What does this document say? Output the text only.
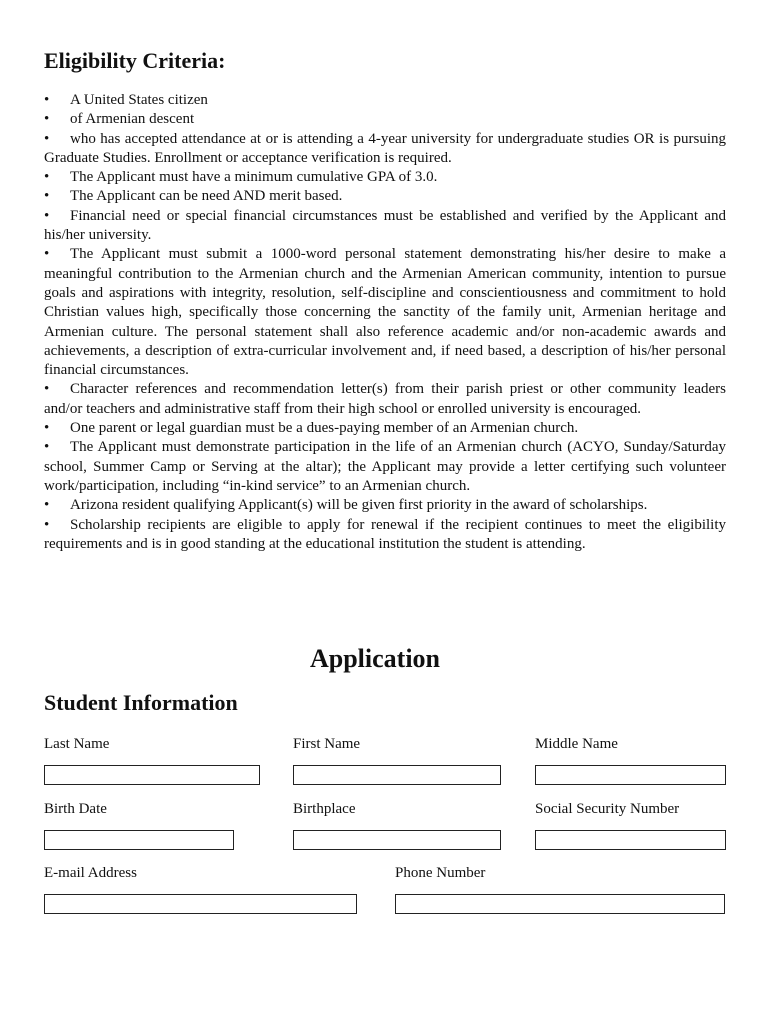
Eligibility Criteria:
• A United States citizen
• of Armenian descent
• who has accepted attendance at or is attending a 4-year university for undergraduate studies OR is pursuing Graduate Studies. Enrollment or acceptance verification is required.
• The Applicant must have a minimum cumulative GPA of 3.0.
• The Applicant can be need AND merit based.
• Financial need or special financial circumstances must be established and verified by the Applicant and his/her university.
• The Applicant must submit a 1000-word personal statement demonstrating his/her desire to make a meaningful contribution to the Armenian church and the Armenian American community, intention to pursue goals and aspirations with integrity, resolution, self-discipline and conscientiousness and commitment to hold Christian values high, specifically those concerning the sanctity of the family unit, Armenian heritage and Armenian culture. The personal statement shall also reference academic and/or non-academic awards and achievements, a description of extra-curricular involvement and, if need based, a description of his/her personal financial circumstances.
• Character references and recommendation letter(s) from their parish priest or other community leaders and/or teachers and administrative staff from their high school or enrolled university is encouraged.
• One parent or legal guardian must be a dues-paying member of an Armenian church.
• The Applicant must demonstrate participation in the life of an Armenian church (ACYO, Sunday/Saturday school, Summer Camp or Serving at the altar); the Applicant may provide a letter certifying such volunteer work/participation, including “in-kind service” to an Armenian church.
• Arizona resident qualifying Applicant(s) will be given first priority in the award of scholarships.
• Scholarship recipients are eligible to apply for renewal if the recipient continues to meet the eligibility requirements and is in good standing at the educational institution the student is attending.
Application
Student Information
Last Name	First Name	Middle Name
Birth Date	Birthplace	Social Security Number
E-mail Address	Phone Number
